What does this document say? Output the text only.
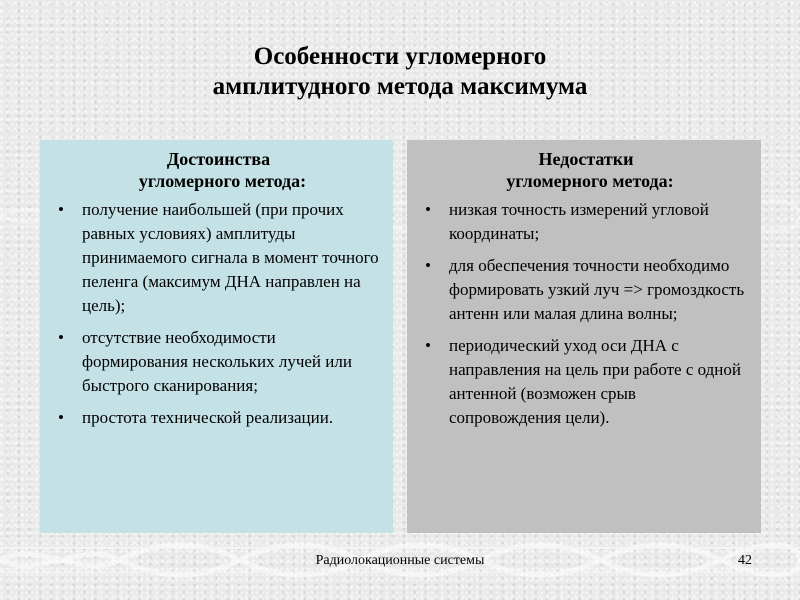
Особенности угломерного
амплитудного метода максимума
Достоинства
угломерного метода:
• получение наибольшей (при прочих равных условиях) амплитуды принимаемого сигнала в момент точного пеленга (максимум ДНА направлен на цель);
• отсутствие необходимости формирования нескольких лучей или быстрого сканирования;
• простота технической реализации.
Недостатки
угломерного метода:
• низкая точность измерений угловой координаты;
• для обеспечения точности необходимо формировать узкий луч => громоздкость антенн или малая длина волны;
• периодический уход оси ДНА с направления на цель при работе с одной антенной (возможен срыв сопровождения цели).
Радиолокационные системы	42
